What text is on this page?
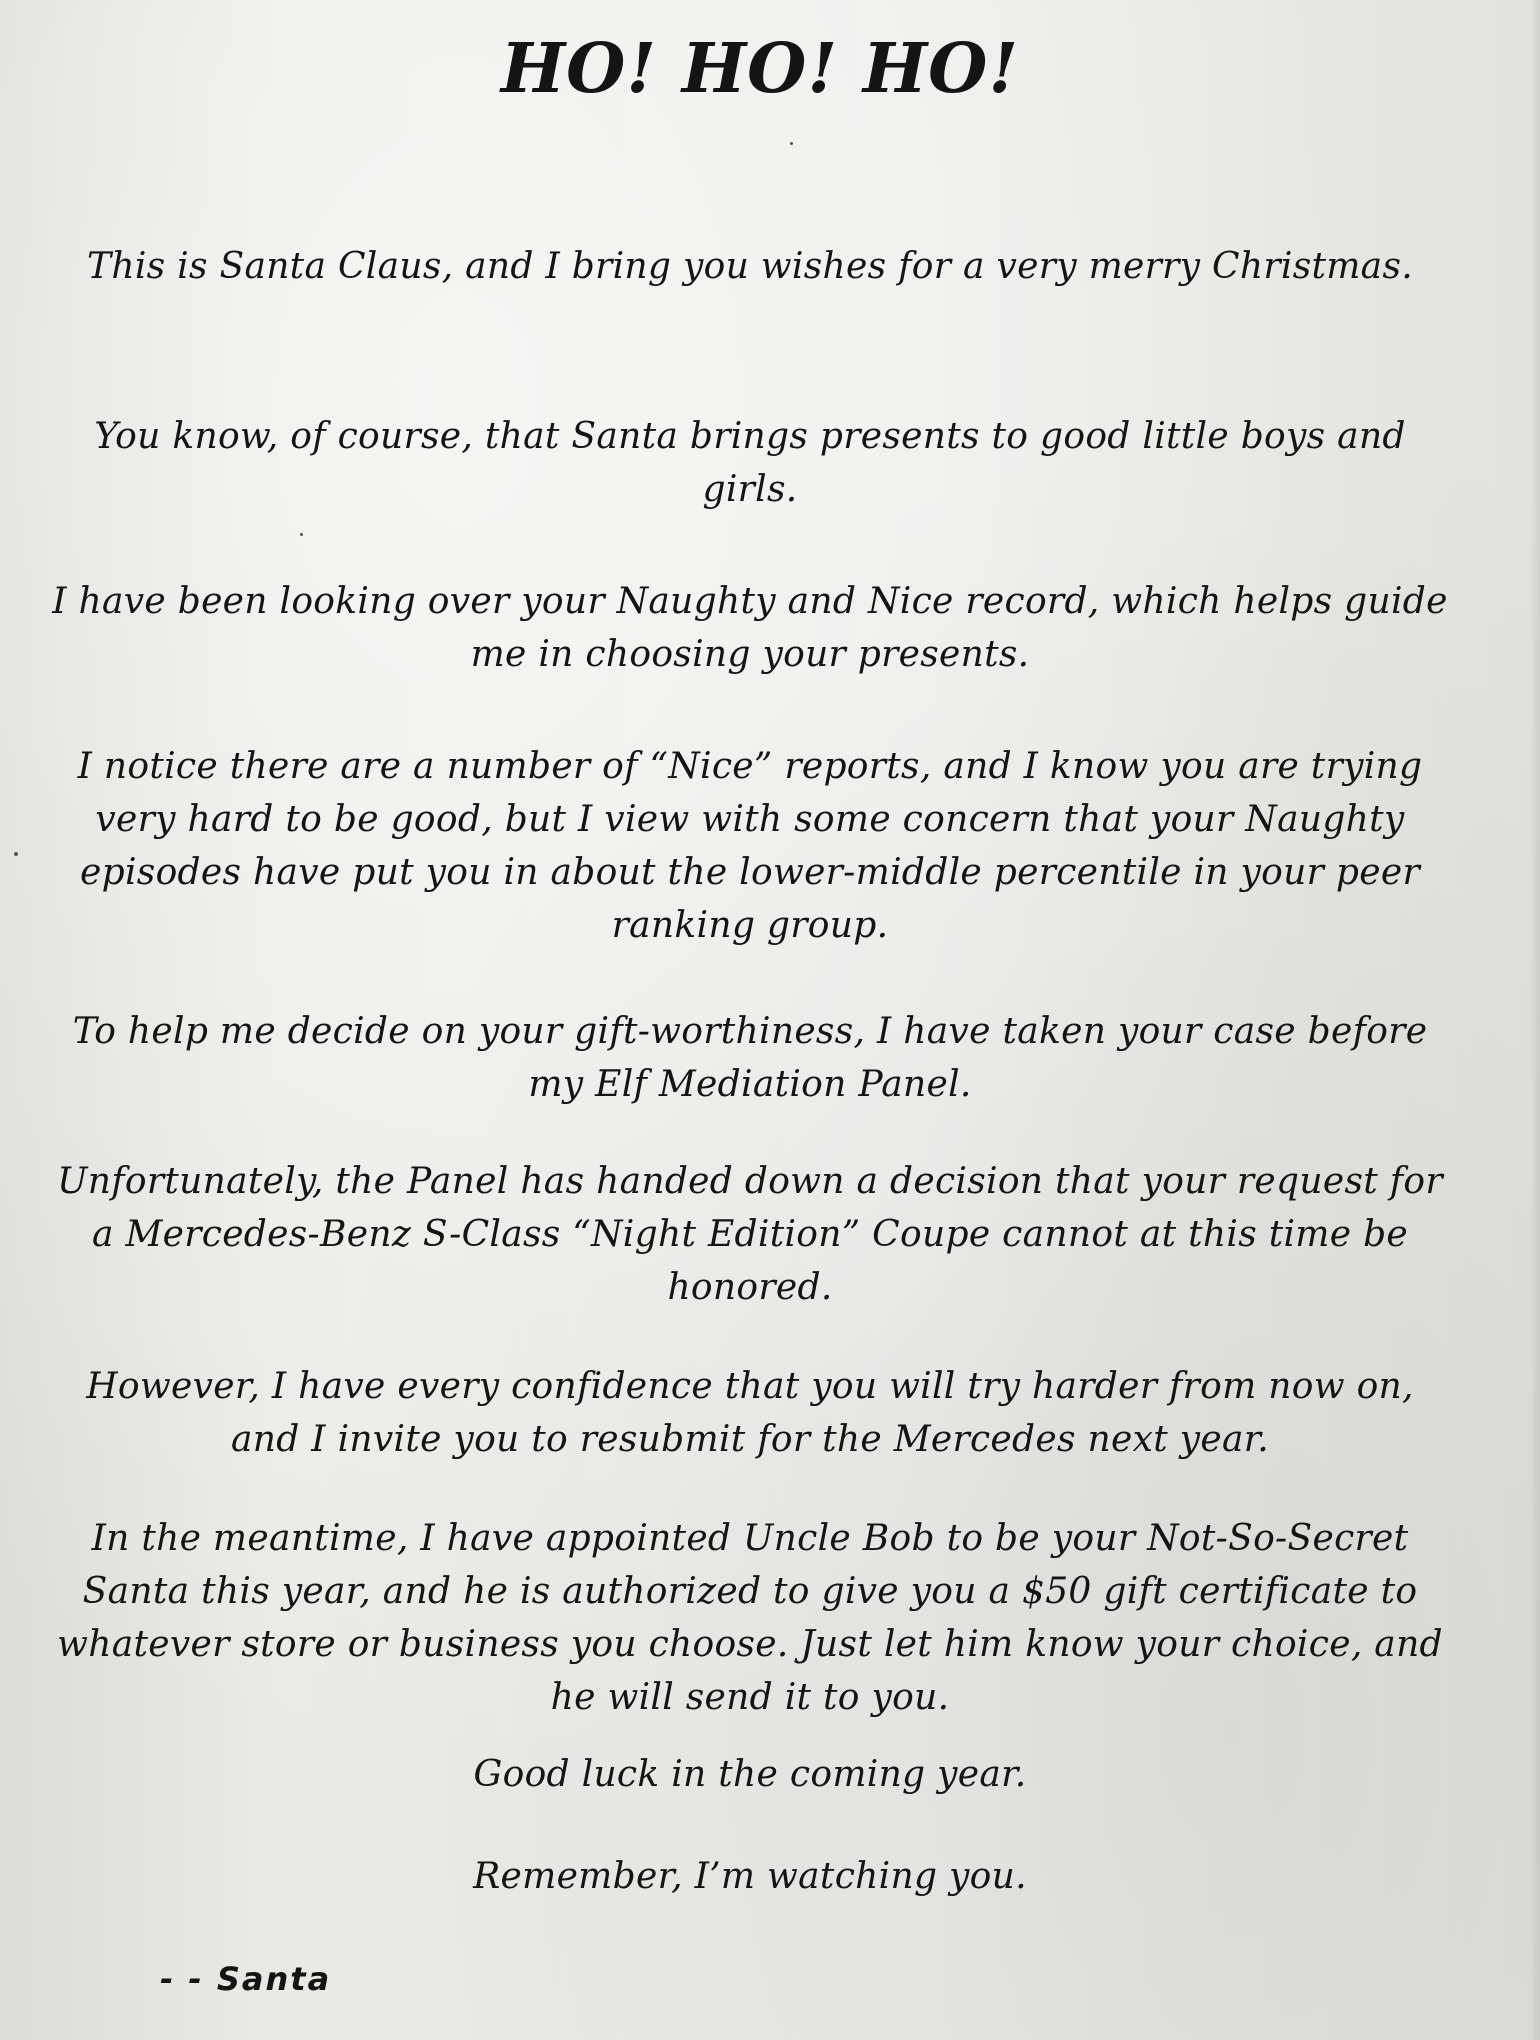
HO! HO! HO!

This is Santa Claus, and I bring you wishes for a very merry Christmas.

You know, of course, that Santa brings presents to good little boys and girls.

I have been looking over your Naughty and Nice record, which helps guide me in choosing your presents.

I notice there are a number of “Nice” reports, and I know you are trying very hard to be good, but I view with some concern that your Naughty episodes have put you in about the lower-middle percentile in your peer ranking group.

To help me decide on your gift-worthiness, I have taken your case before my Elf Mediation Panel.

Unfortunately, the Panel has handed down a decision that your request for a Mercedes-Benz S-Class “Night Edition” Coupe cannot at this time be honored.

However, I have every confidence that you will try harder from now on, and I invite you to resubmit for the Mercedes next year.

In the meantime, I have appointed Uncle Bob to be your Not-So-Secret Santa this year, and he is authorized to give you a $50 gift certificate to whatever store or business you choose. Just let him know your choice, and he will send it to you.

Good luck in the coming year.

Remember, I’m watching you.

- - Santa
